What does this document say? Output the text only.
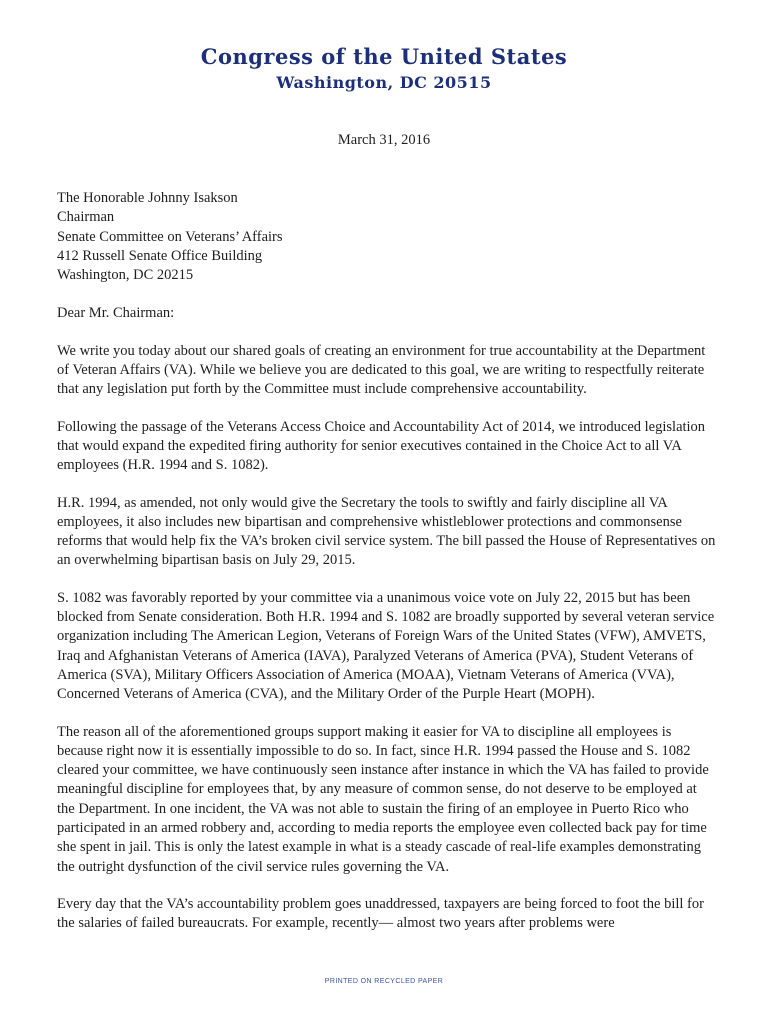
Congress of the United States
Washington, DC 20515
March 31, 2016
The Honorable Johnny Isakson
Chairman
Senate Committee on Veterans’ Affairs
412 Russell Senate Office Building
Washington, DC 20215
Dear Mr. Chairman:

We write you today about our shared goals of creating an environment for true accountability at the Department of Veteran Affairs (VA). While we believe you are dedicated to this goal, we are writing to respectfully reiterate that any legislation put forth by the Committee must include comprehensive accountability.

Following the passage of the Veterans Access Choice and Accountability Act of 2014, we introduced legislation that would expand the expedited firing authority for senior executives contained in the Choice Act to all VA employees (H.R. 1994 and S. 1082).

H.R. 1994, as amended, not only would give the Secretary the tools to swiftly and fairly discipline all VA employees, it also includes new bipartisan and comprehensive whistleblower protections and commonsense reforms that would help fix the VA’s broken civil service system. The bill passed the House of Representatives on an overwhelming bipartisan basis on July 29, 2015.

S. 1082 was favorably reported by your committee via a unanimous voice vote on July 22, 2015 but has been blocked from Senate consideration. Both H.R. 1994 and S. 1082 are broadly supported by several veteran service organization including The American Legion, Veterans of Foreign Wars of the United States (VFW), AMVETS, Iraq and Afghanistan Veterans of America (IAVA), Paralyzed Veterans of America (PVA), Student Veterans of America (SVA), Military Officers Association of America (MOAA), Vietnam Veterans of America (VVA), Concerned Veterans of America (CVA), and the Military Order of the Purple Heart (MOPH).

The reason all of the aforementioned groups support making it easier for VA to discipline all employees is because right now it is essentially impossible to do so. In fact, since H.R. 1994 passed the House and S. 1082 cleared your committee, we have continuously seen instance after instance in which the VA has failed to provide meaningful discipline for employees that, by any measure of common sense, do not deserve to be employed at the Department. In one incident, the VA was not able to sustain the firing of an employee in Puerto Rico who participated in an armed robbery and, according to media reports the employee even collected back pay for time she spent in jail. This is only the latest example in what is a steady cascade of real-life examples demonstrating the outright dysfunction of the civil service rules governing the VA.

Every day that the VA’s accountability problem goes unaddressed, taxpayers are being forced to foot the bill for the salaries of failed bureaucrats. For example, recently— almost two years after problems were

PRINTED ON RECYCLED PAPER
